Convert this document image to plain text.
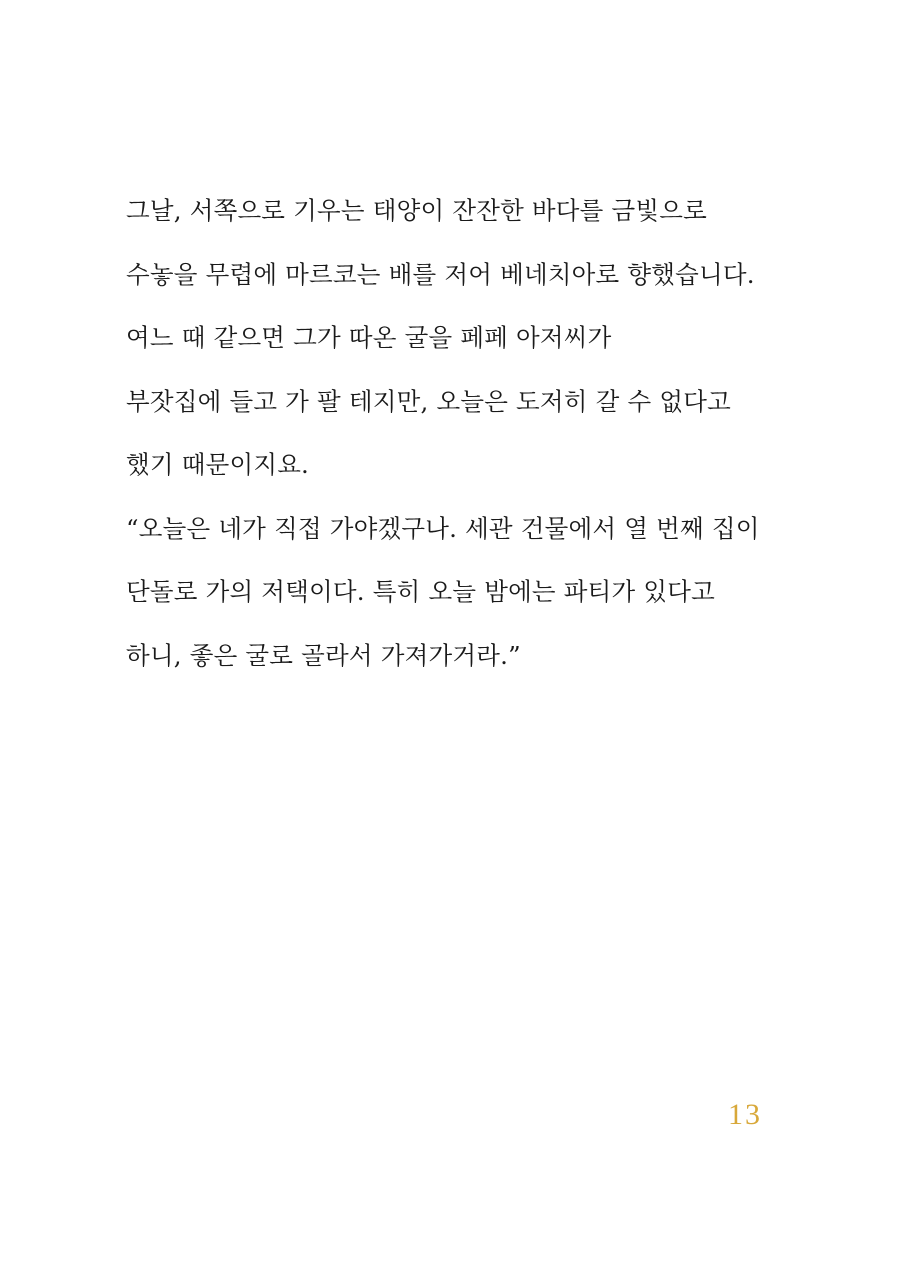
그날, 서쪽으로 기우는 태양이 잔잔한 바다를 금빛으로
수놓을 무렵에 마르코는 배를 저어 베네치아로 향했습니다.
여느 때 같으면 그가 따온 굴을 페페 아저씨가
부잣집에 들고 가 팔 테지만, 오늘은 도저히 갈 수 없다고
했기 때문이지요.
“오늘은 네가 직접 가야겠구나. 세관 건물에서 열 번째 집이
단돌로 가의 저택이다. 특히 오늘 밤에는 파티가 있다고
하니, 좋은 굴로 골라서 가져가거라.”
13
